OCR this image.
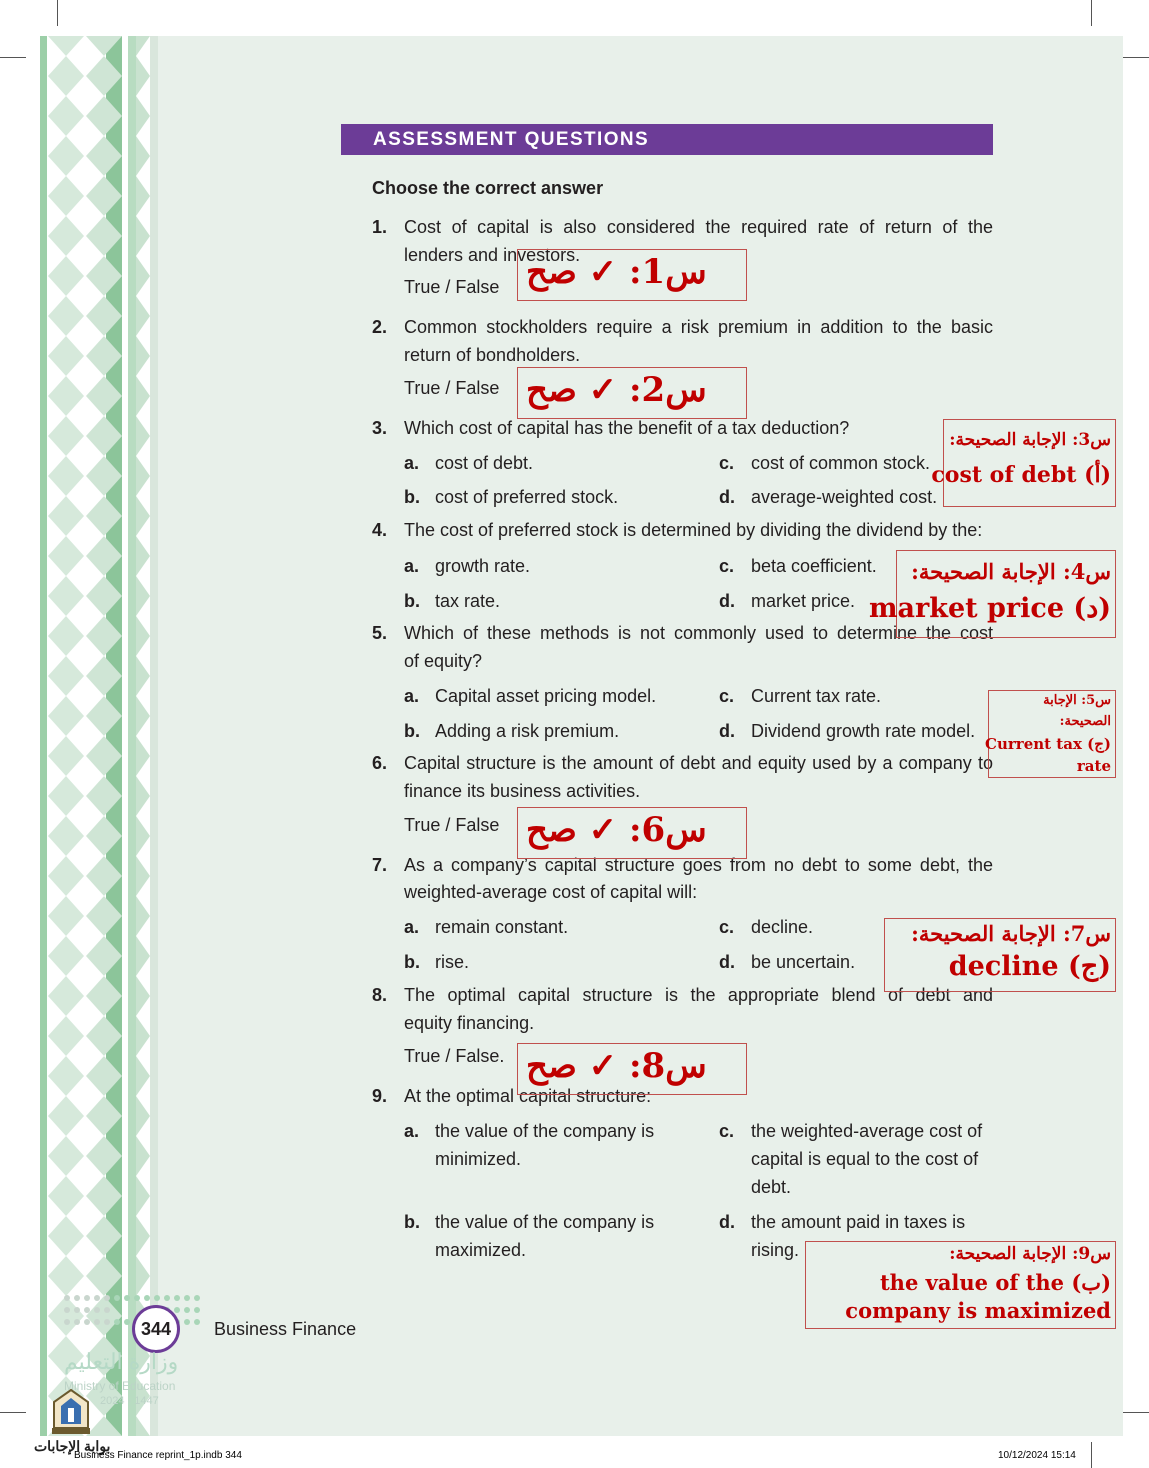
ASSESSMENT QUESTIONS
Choose the correct answer
1. Cost of capital is also considered the required rate of return of the
lenders and investors.
True / False
2. Common stockholders require a risk premium in addition to the basic
return of bondholders.
True / False
3. Which cost of capital has the benefit of a tax deduction?
a. cost of debt.
b. cost of preferred stock.
c. cost of common stock.
d. average-weighted cost.
4. The cost of preferred stock is determined by dividing the dividend by the:
a. growth rate.
b. tax rate.
c. beta coefficient.
d. market price.
5. Which of these methods is not commonly used to determine the cost
of equity?
a. Capital asset pricing model.
b. Adding a risk premium.
c. Current tax rate.
d. Dividend growth rate model.
6. Capital structure is the amount of debt and equity used by a company to
finance its business activities.
True / False
7. As a company’s capital structure goes from no debt to some debt, the
weighted-average cost of capital will:
a. remain constant.
b. rise.
c. decline.
d. be uncertain.
8. The optimal capital structure is the appropriate blend of debt and
equity financing.
True / False.
9. At the optimal capital structure:
a. the value of the company is minimized.
b. the value of the company is maximized.
c. the weighted-average cost of capital is equal to the cost of debt.
d. the amount paid in taxes is rising.
س1: ✓ صح
س2: ✓ صح
س3: الإجابة الصحيحة:
(أ) cost of debt
س4: الإجابة الصحيحة:
(د) market price
س5: الإجابة
الصحيحة:
(ج) Current tax
rate
س6: ✓ صح
س7: الإجابة الصحيحة:
(ج) decline
س8: ✓ صح
س9: الإجابة الصحيحة:
(ب) the value of the
company is maximized
344	Business Finance
وزارة التعليم
Ministry of Education
2024 - 1447
بوابة الإجابات
Business Finance reprint_1p.indb 344	10/12/2024 15:14
